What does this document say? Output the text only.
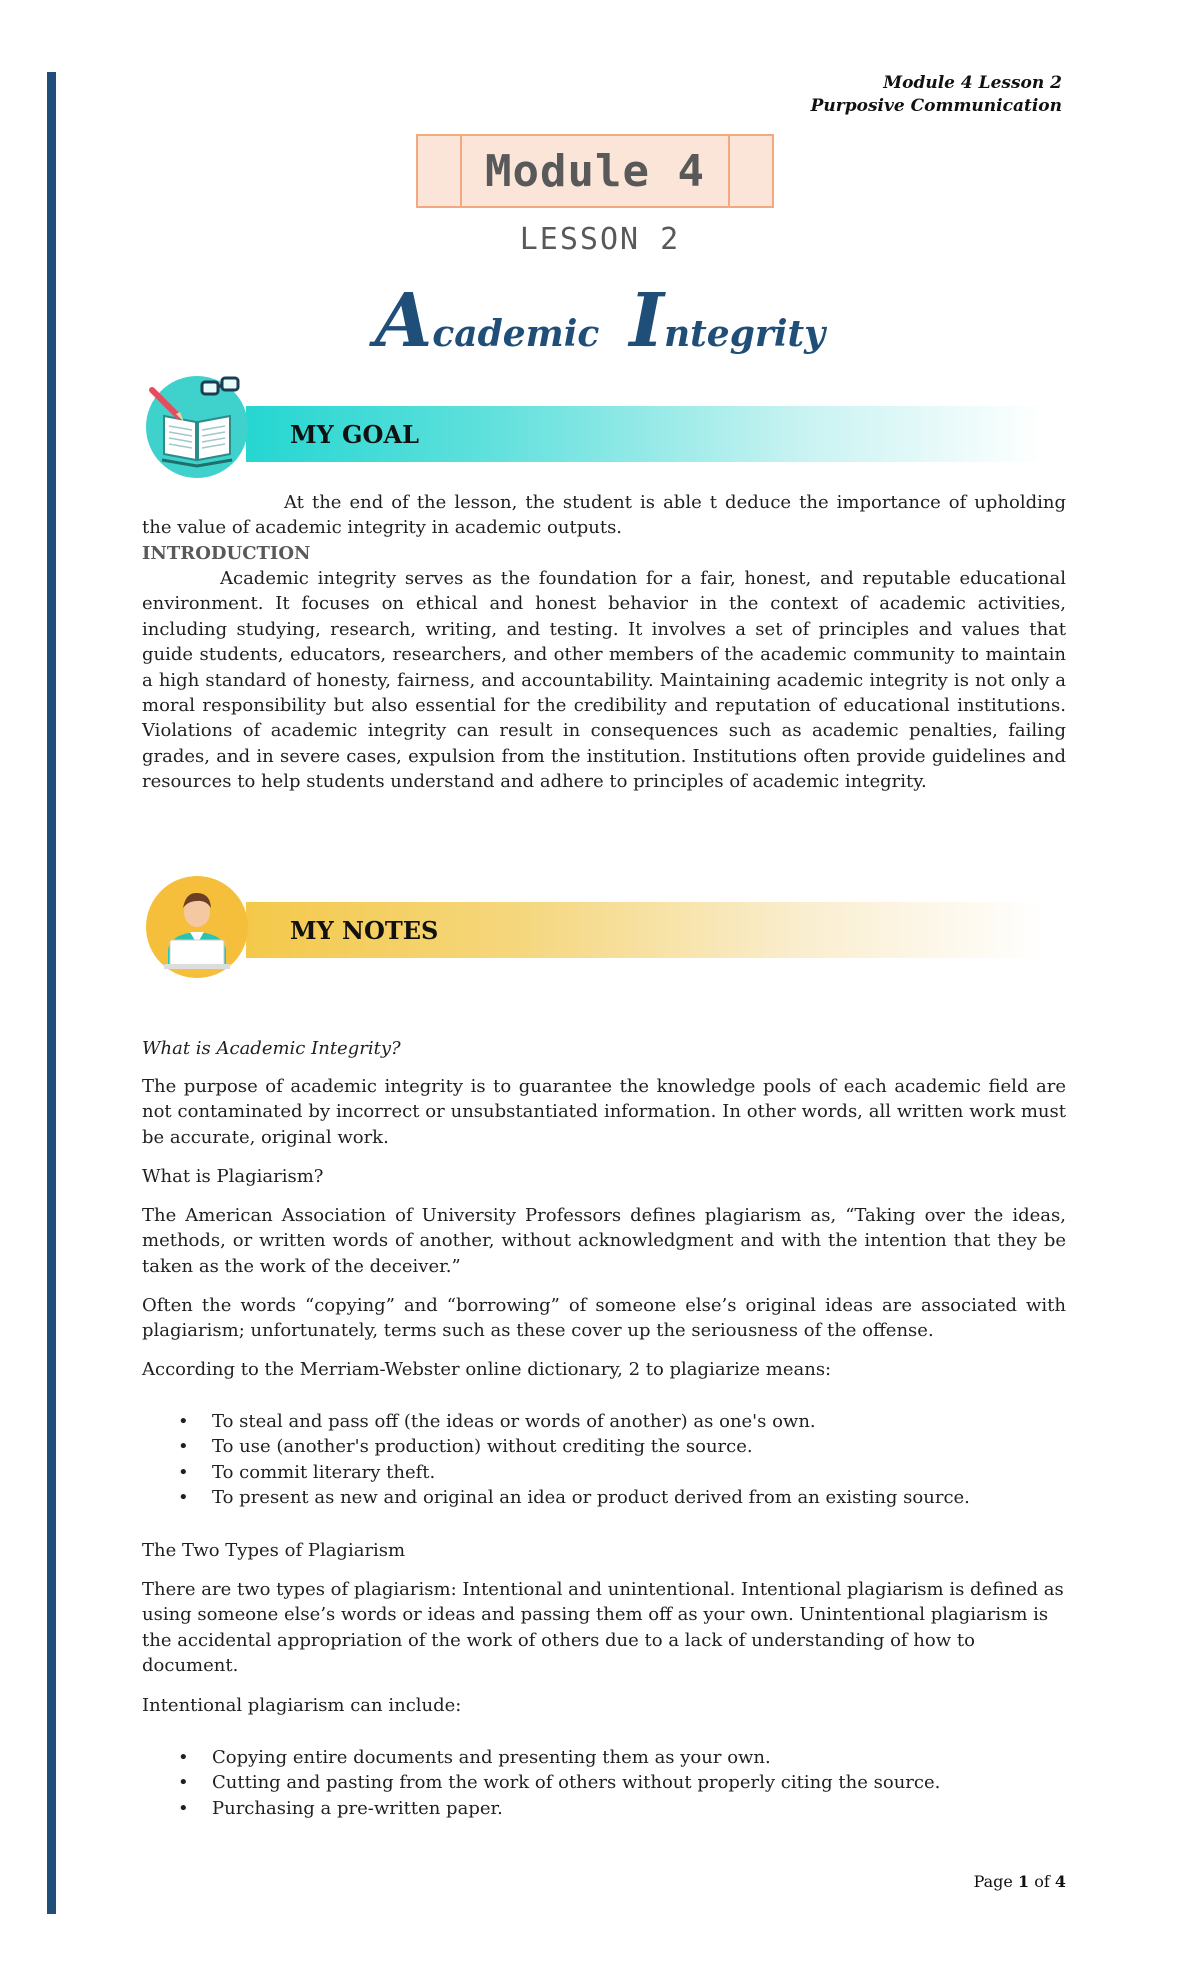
Module 4 Lesson 2
Purposive Communication
Module 4
LESSON 2
Academic Integrity
MY GOAL
At the end of the lesson, the student is able t deduce the importance of upholding the value of academic integrity in academic outputs.
INTRODUCTION
Academic integrity serves as the foundation for a fair, honest, and reputable educational environment. It focuses on ethical and honest behavior in the context of academic activities, including studying, research, writing, and testing. It involves a set of principles and values that guide students, educators, researchers, and other members of the academic community to maintain a high standard of honesty, fairness, and accountability. Maintaining academic integrity is not only a moral responsibility but also essential for the credibility and reputation of educational institutions. Violations of academic integrity can result in consequences such as academic penalties, failing grades, and in severe cases, expulsion from the institution. Institutions often provide guidelines and resources to help students understand and adhere to principles of academic integrity.
MY NOTES
What is Academic Integrity?
The purpose of academic integrity is to guarantee the knowledge pools of each academic field are not contaminated by incorrect or unsubstantiated information. In other words, all written work must be accurate, original work.
What is Plagiarism?
The American Association of University Professors defines plagiarism as, “Taking over the ideas, methods, or written words of another, without acknowledgment and with the intention that they be taken as the work of the deceiver.”
Often the words “copying” and “borrowing” of someone else’s original ideas are associated with plagiarism; unfortunately, terms such as these cover up the seriousness of the offense.
According to the Merriam-Webster online dictionary, 2 to plagiarize means:
• To steal and pass off (the ideas or words of another) as one's own.
• To use (another's production) without crediting the source.
• To commit literary theft.
• To present as new and original an idea or product derived from an existing source.
The Two Types of Plagiarism
There are two types of plagiarism: Intentional and unintentional. Intentional plagiarism is defined as using someone else’s words or ideas and passing them off as your own. Unintentional plagiarism is the accidental appropriation of the work of others due to a lack of understanding of how to document.
Intentional plagiarism can include:
• Copying entire documents and presenting them as your own.
• Cutting and pasting from the work of others without properly citing the source.
• Purchasing a pre-written paper.
Page 1 of 4
